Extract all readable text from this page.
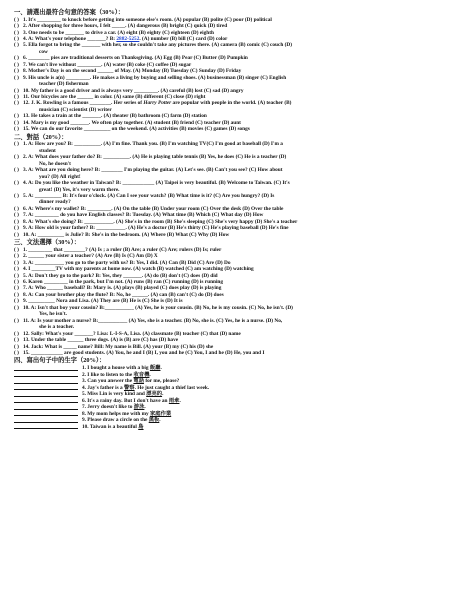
一、請選出最符合句意的答案（30%）：
( ) 1. It's _________ to knock before getting into someone else's room. (A) popular (B) polite (C) poor (D) political
( ) 2. After shopping for three hours, I felt _____. (A) dangerous (B) bright (C) quick (D) tired
( ) 3. One needs to be _______ to drive a car. (A) eight (B) eighty (C) eighteen (D) eighth
( ) 4. A: What's your telephone _______? B: 2882-5252. (A) number (B) bill (C) card (D) color
( ) 5. Ella forgot to bring the _______ with her, so she couldn't take any pictures there. (A) camera (B) comic (C) couch (D)
cow
( ) 6. ________ pies are traditional desserts on Thanksgiving. (A) Egg (B) Pear (C) Butter (D) Pumpkin
( ) 7. We can't live without _________. (A) water (B) coke (C) coffee (D) sugar
( ) 8. Mother's Day is on the second ______ of May. (A) Monday (B) Tuesday (C) Sunday (D) Friday
( ) 9. His uncle is a(n) _________. He makes a living by buying and selling shoes. (A) businessman (B) singer (C) English
teacher (D) fisherman
( ) 10. My father is a good driver and is always very _________. (A) careful (B) lost (C) sad (D) angry
( ) 11. Our bicycles are the ______ in color. (A) same (B) different (C) close (D) right
( ) 12. J. K. Rowling is a famous ________. Her series of Harry Potter are popular with people in the world. (A) teacher (B)
musician (C) scientist (D) writer
( ) 13. He takes a train at the _______. (A) theater (B) bathroom (C) farm (D) station
( ) 14. Mary is my good _______. We often play together. (A) student (B) friend (C) teacher (D) aunt
( ) 15. We can do our favorite __________ on the weekend. (A) activities (B) movies (C) games (D) songs
二、對話（20%）：
( ) 1. A: How are you? B: __________. (A) I'm fine. Thank you. (B) I'm watching TV(C) I'm good at baseball (D) I'm a
student
( ) 2. A: What does your father do? B: __________. (A) He is playing table tennis (B) Yes, he does (C) He is a teacher (D)
No, he doesn't
( ) 3. A: What are you doing here? B: ________ I'm playing the guitar. (A) Let's see. (B) Can't you see? (C) How about
you? (D) All right!
( ) 4. A: Do you like the weather in Taiwan? B: ____________ (A) Taipei is very beautiful. (B) Welcome to Taiwan. (C) It's
great! (D) Yes, it's very warm there.
( ) 5. A: __________ B: It's four o'clock. (A) Can I see your watch? (B) What time is it? (C) Are you hungry? (D) Is
dinner ready?
( ) 6. A: Where's my wallet? B: _________. (A) On the table (B) Under your room (C) Over the desk (D) Over the table
( ) 7. A: _________ do you have English classes? B: Tuesday. (A) What time (B) Which (C) What day (D) How
( ) 8. A: What's she doing? B: ___________. (A) She's in the room (B) She's sleeping (C) She's very happy (D) She's a teacher
( ) 9. A: How old is your father? B: ___________. (A) He's a doctor (B) He's thirty (C) He's playing baseball (D) He's fine
( ) 10. A: __________ is Julie? B: She's in the bedroom. (A) Where (B) What (C) Why (D) How
三、文法選擇（30%）：
( ) 1. _________ that ________? (A) Is ; a ruler (B) Are; a ruler (C) Are; rulers (D) Is; ruler
( ) 2. ______ your sister a teacher? (A) Are (B) Is (C) Am (D) X
( ) 3. A: ___________ you go to the party with us? B: Yes, I did. (A) Can (B) Did (C) Are (D) Do
( ) 4. I _________TV with my parents at home now. (A) watch (B) watched (C) am watching (D) watching
( ) 5. A: Don't they go to the park? B: Yes, they _______. (A) do (B) don't (C) does (D) did
( ) 6. Karen _________ in the park, but I'm not. (A) runs (B) ran (C) running (D) is running
( ) 7. A: Who ______ baseball? B: Mary is. (A) plays (B) played (C) does play (D) is playing
( ) 8. A: Can your brother play the flute? B: No, he ______. (A) can (B) can't (C) do (D) does
( ) 9. __________ Nora and Lisa. (A) They are (B) He is (C) She is (D) It is
( ) 10. A: Isn't that boy your cousin? B:___________ (A) Yes, he is your cousin. (B) No, he is my cousin. (C) No, he isn't. (D)
Yes, he isn't.
( ) 11. A: Is your mother a nurse? B:___________ (A) Yes, she is a teacher. (B) No, she is. (C) Yes, he is a nurse. (D) No,
she is a teacher.
( ) 12. Sally: What's your _______? Lisa: L-I-S-A, Lisa. (A) classmate (B) teacher (C) that (D) name
( ) 13. Under the table ______ three dogs. (A) is (B) are (C) has (D) have
( ) 14. Jack: What is _____ name? Bill: My name is Bill. (A) your (B) my (C) his (D) she
( ) 15. ____________ are good students. (A) You, he and I (B) I, you and he (C) You, I and he (D) He, you and I
四、寫出句子中的生字（20%）：
1. I bought a house with a big 飯廳.
2. I like to listen to the 收音機.
3. Can you answer the 電話 for me, please?
4. Jay's father is a 警察. He just caught a thief last week.
5. Miss Lin is very kind and 漂亮的.
6. It's a rainy day. But I don't have an 雨傘.
7. Jerry doesn't like to 游泳.
8. My mom helps me with my 家庭作業
9. Please draw a circle on the 黑板.
10. Taiwan is a beautiful 島
